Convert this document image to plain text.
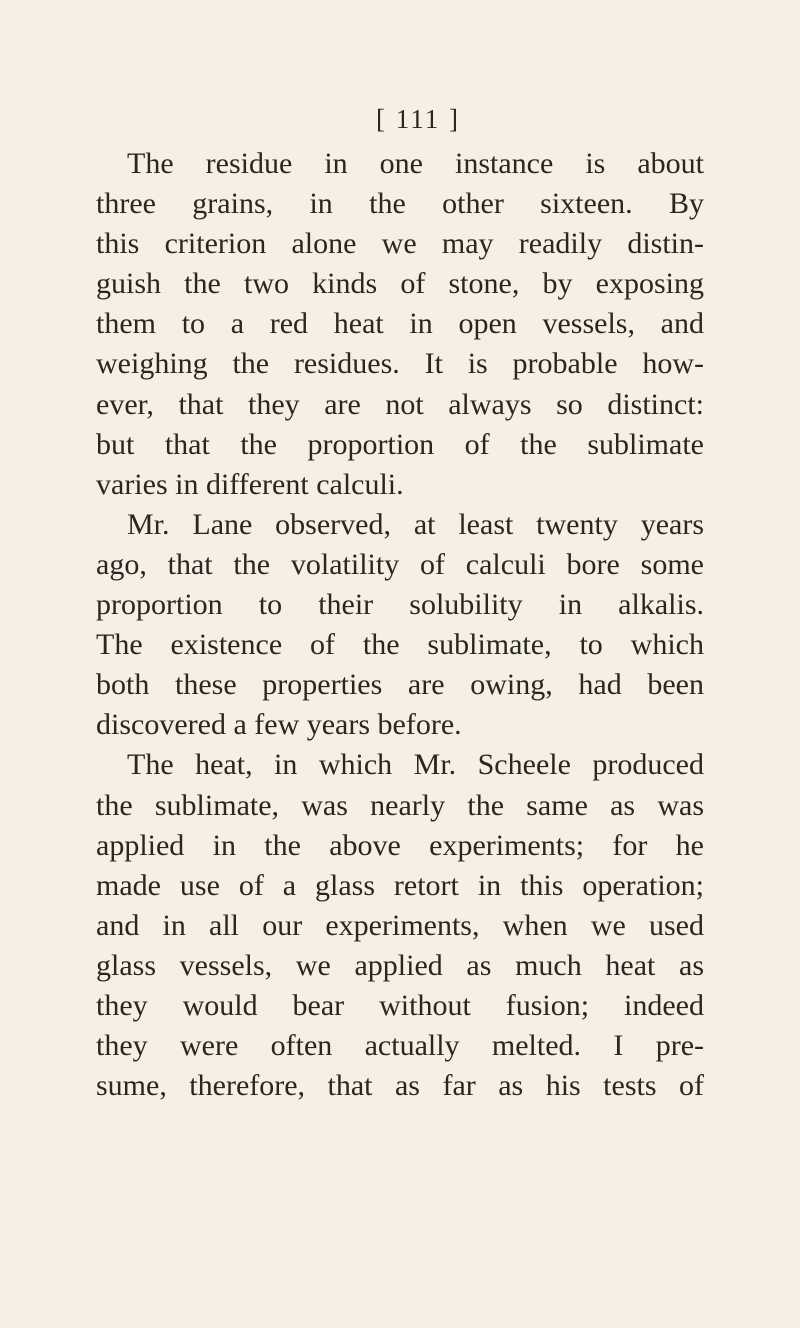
[ 111 ]
The residue in one instance is about
three grains, in the other sixteen. By
this criterion alone we may readily distin-
guish the two kinds of stone, by exposing
them to a red heat in open vessels, and
weighing the residues. It is probable how-
ever, that they are not always so distinct:
but that the proportion of the sublimate
varies in different calculi.
Mr. Lane observed, at least twenty years
ago, that the volatility of calculi bore some
proportion to their solubility in alkalis.
The existence of the sublimate, to which
both these properties are owing, had been
discovered a few years before.
The heat, in which Mr. Scheele produced
the sublimate, was nearly the same as was
applied in the above experiments; for he
made use of a glass retort in this operation;
and in all our experiments, when we used
glass vessels, we applied as much heat as
they would bear without fusion; indeed
they were often actually melted. I pre-
sume, therefore, that as far as his tests of
